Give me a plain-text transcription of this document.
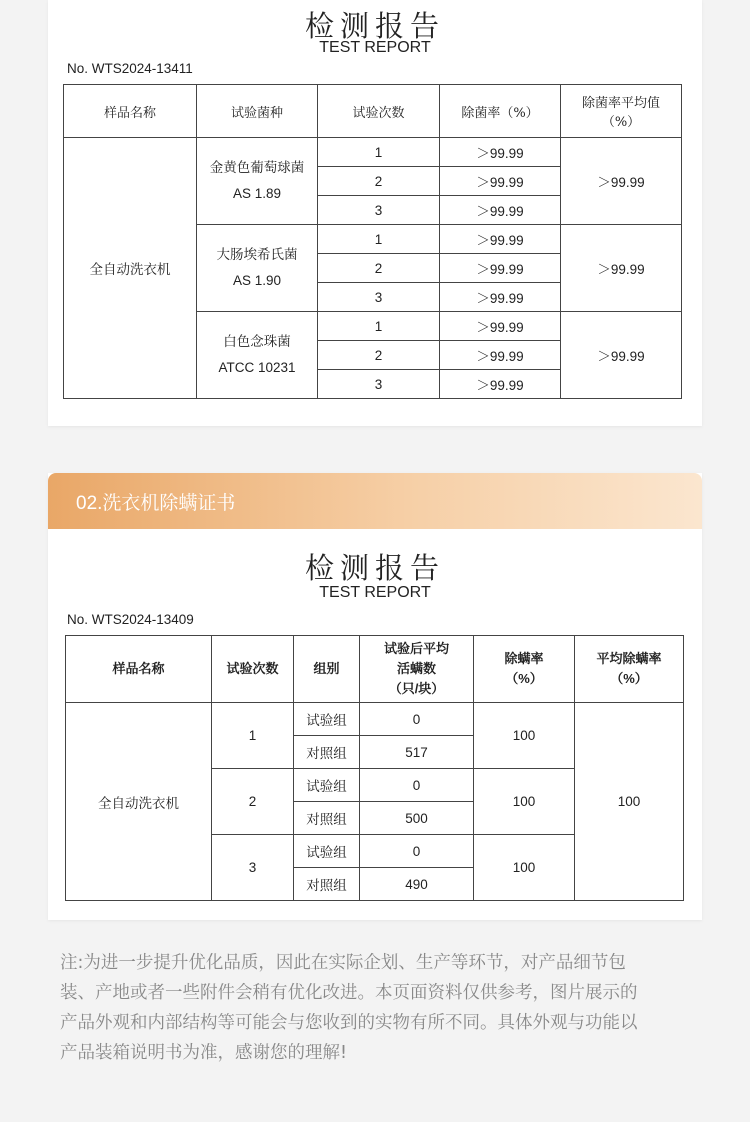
检测报告
TEST REPORT
No. WTS2024-13411
样品名称	试验菌种	试验次数	除菌率（%）	除菌率平均值
（%）
全自动洗衣机	金黄色葡萄球菌
AS 1.89	1	＞99.99	＞99.99
		2	＞99.99	
		3	＞99.99	
	大肠埃希氏菌
AS 1.90	1	＞99.99	＞99.99
		2	＞99.99	
		3	＞99.99	
	白色念珠菌
ATCC 10231	1	＞99.99	＞99.99
		2	＞99.99	
		3	＞99.99	
02.洗衣机除螨证书
检测报告
TEST REPORT
No. WTS2024-13409
样品名称	试验次数	组别	试验后平均
活螨数
（只/块）	除螨率
（%）	平均除螨率
（%）
全自动洗衣机	1	试验组	0	100	100
		对照组	517		
	2	试验组	0	100	
		对照组	500		
	3	试验组	0	100	
		对照组	490		
注:为进一步提升优化品质，因此在实际企划、生产等环节，对产品细节包
装、产地或者一些附件会稍有优化改进。本页面资料仅供参考，图片展示的
产品外观和内部结构等可能会与您收到的实物有所不同。具体外观与功能以
产品装箱说明书为准，感谢您的理解!
